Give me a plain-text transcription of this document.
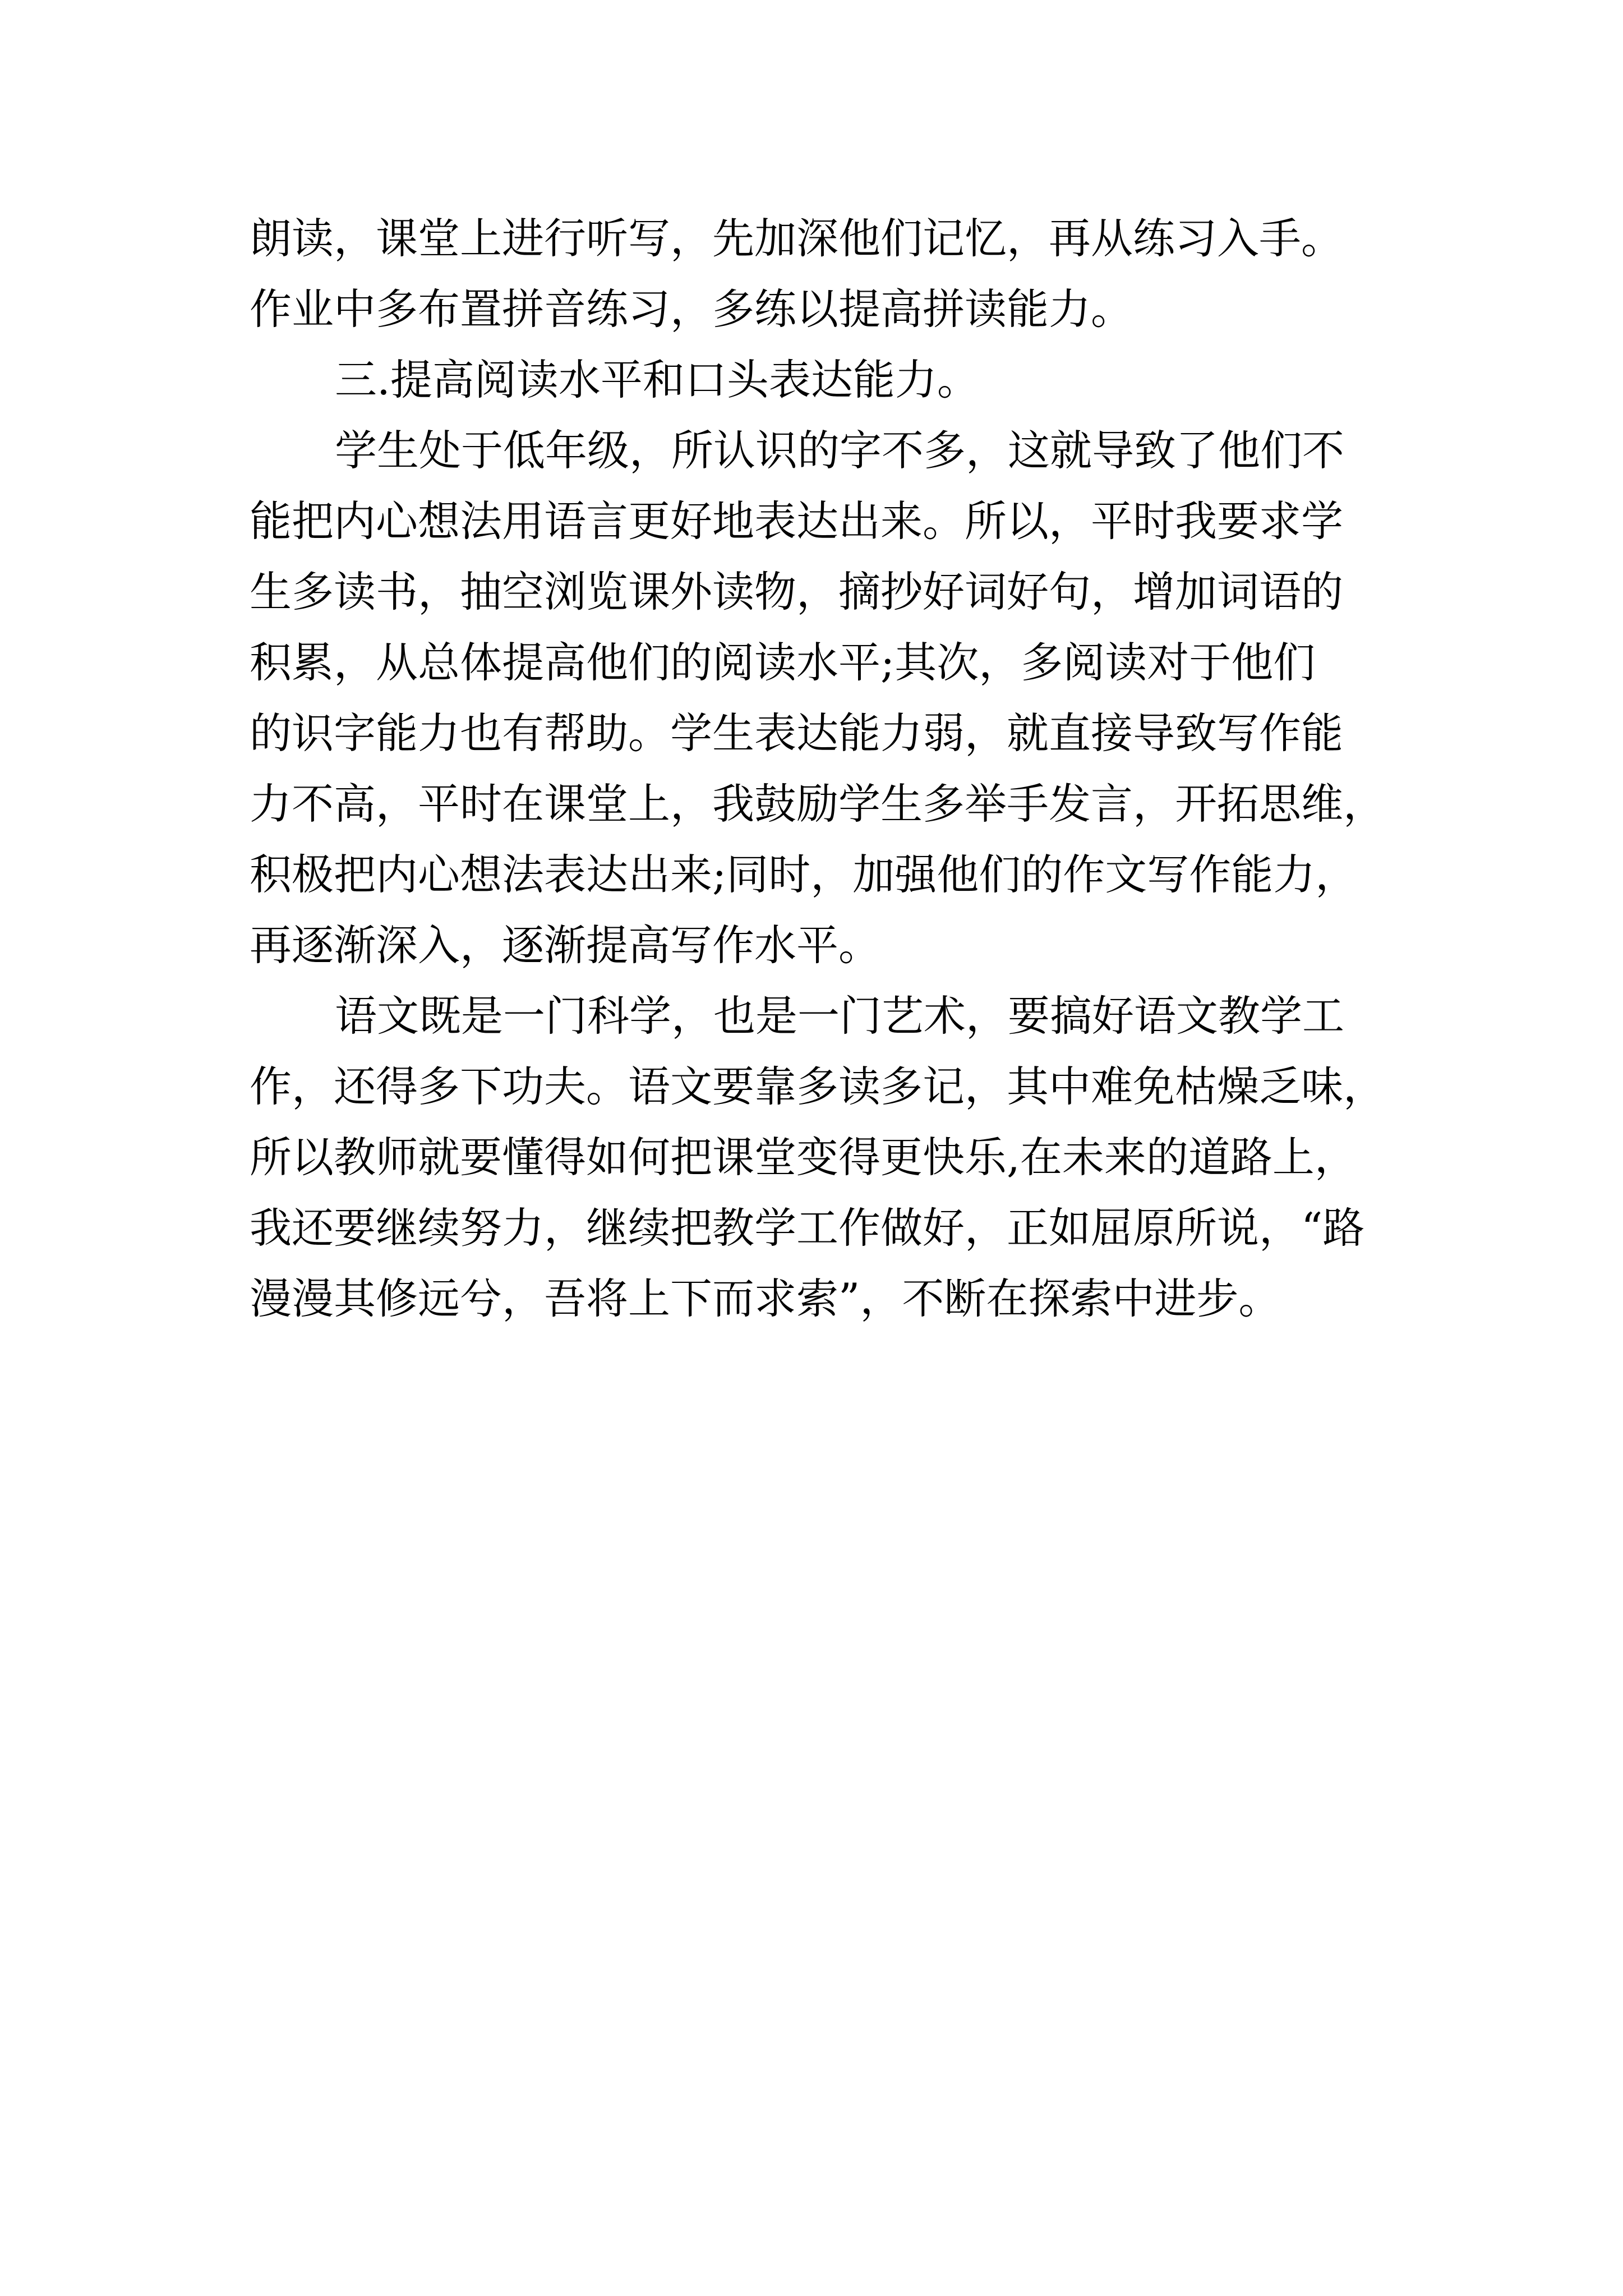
朗读，课堂上进行听写，先加深他们记忆，再从练习入手。

作业中多布置拼音练习，多练以提高拼读能力。

三.提高阅读水平和口头表达能力。

学生处于低年级，所认识的字不多，这就导致了他们不

能把内心想法用语言更好地表达出来。所以，平时我要求学

生多读书，抽空浏览课外读物，摘抄好词好句，增加词语的

积累，从总体提高他们的阅读水平;其次，多阅读对于他们

的识字能力也有帮助。学生表达能力弱，就直接导致写作能

力不高，平时在课堂上，我鼓励学生多举手发言，开拓思维，

积极把内心想法表达出来;同时，加强他们的作文写作能力，

再逐渐深入，逐渐提高写作水平。

语文既是一门科学，也是一门艺术，要搞好语文教学工

作，还得多下功夫。语文要靠多读多记，其中难免枯燥乏味，

所以教师就要懂得如何把课堂变得更快乐,在未来的道路上，

我还要继续努力，继续把教学工作做好，正如屈原所说，“路

漫漫其修远兮，吾将上下而求索”，不断在探索中进步。
